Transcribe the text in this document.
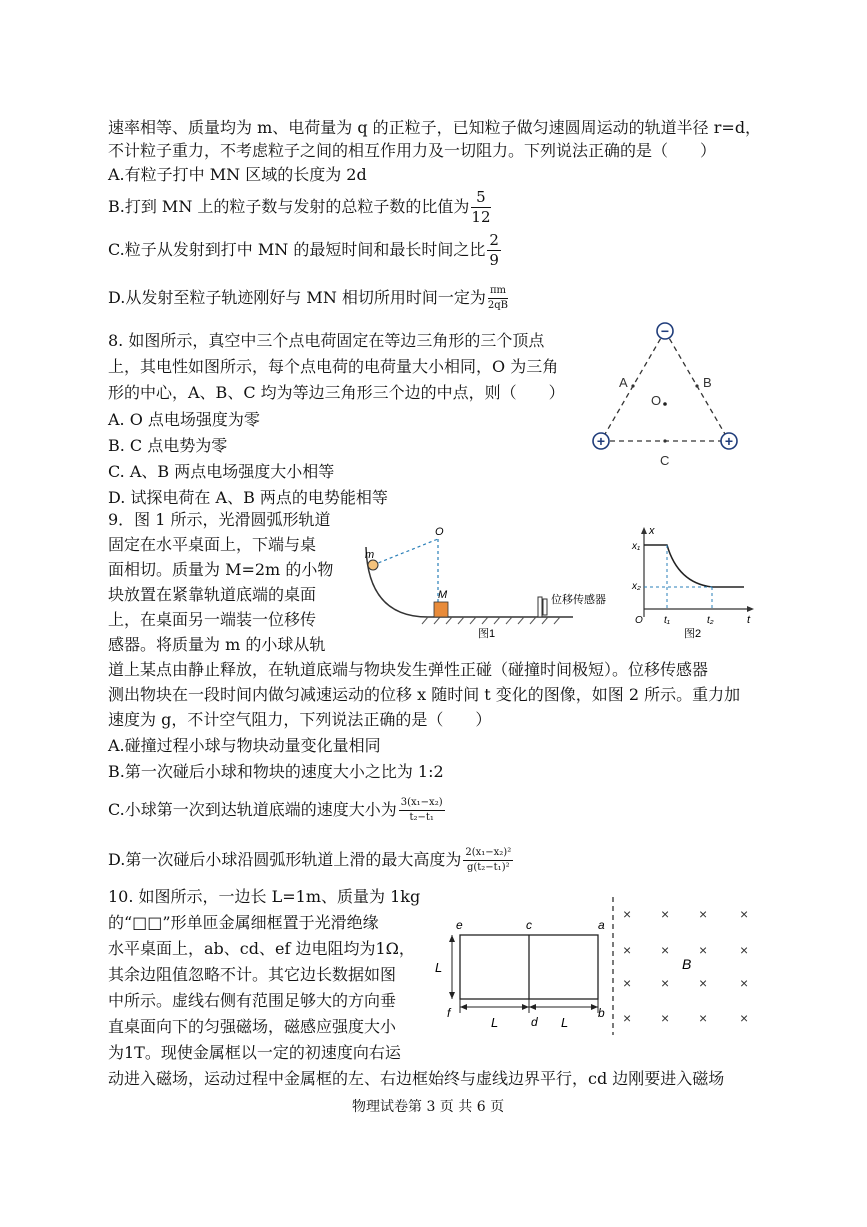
速率相等、质量均为 m、电荷量为 q 的正粒子，已知粒子做匀速圆周运动的轨道半径 r=d，
不计粒子重力，不考虑粒子之间的相互作用力及一切阻力。下列说法正确的是（　　）
A.有粒子打中 MN 区域的长度为 2d
B.打到 MN 上的粒子数与发射的总粒子数的比值为 $\frac{5}{12}$
C.粒子从发射到打中 MN 的最短时间和最长时间之比 $\frac{2}{9}$
D.从发射至粒子轨迹刚好与 MN 相切所用时间一定为 $\frac{\pi m}{2qB}$
8. 如图所示，真空中三个点电荷固定在等边三角形的三个顶点
上，其电性如图所示，每个点电荷的电荷量大小相同，O 为三角
形的中心，A、B、C 均为等边三角形三个边的中点，则（　　）
A. O 点电场强度为零
B. C 点电势为零
C. A、B 两点电场强度大小相等
D. 试探电荷在 A、B 两点的电势能相等
−
+	+
A	B
C
O
9．图 1 所示，光滑圆弧形轨道
固定在水平桌面上，下端与桌
面相切。质量为 M=2m 的小物
块放置在紧靠轨道底端的桌面
上，在桌面另一端装一位移传
感器。将质量为 m 的小球从轨
道上某点由静止释放，在轨道底端与物块发生弹性正碰（碰撞时间极短）。位移传感器
测出物块在一段时间内做匀减速运动的位移 x 随时间 t 变化的图像，如图 2 所示。重力加
速度为 g，不计空气阻力，下列说法正确的是（　　）
A.碰撞过程小球与物块动量变化量相同
B.第一次碰后小球和物块的速度大小之比为 1:2
C.小球第一次到达轨道底端的速度大小为 $\frac{\text{3(x₁−x₂)}}{\text{t₂−t₁}}$
D.第一次碰后小球沿圆弧形轨道上滑的最大高度为 $\frac{\text{2(x₁−x₂)²}}{\text{g(t₂−t₁)²}}$
m
O
M	位移传感器
图1
x
t
x₁
x₂
O t₁	t₂
图2
10. 如图所示，一边长 L=1m、质量为 1kg
的“□□”形单匝金属细框置于光滑绝缘
水平桌面上，ab、cd、ef 边电阻均为1Ω，
其余边阻值忽略不计。其它边长数据如图
中所示。虚线右侧有范围足够大的方向垂
直桌面向下的匀强磁场，磁感应强度大小
为1T。现使金属框以一定的初速度向右运
动进入磁场，运动过程中金属框的左、右边框始终与虚线边界平行，cd 边刚要进入磁场
e	c	a
f
d
b
L
L	L
× × × ×
× × × ×
× × × ×
× × × ×
B
物理试卷第 3 页 共 6 页
